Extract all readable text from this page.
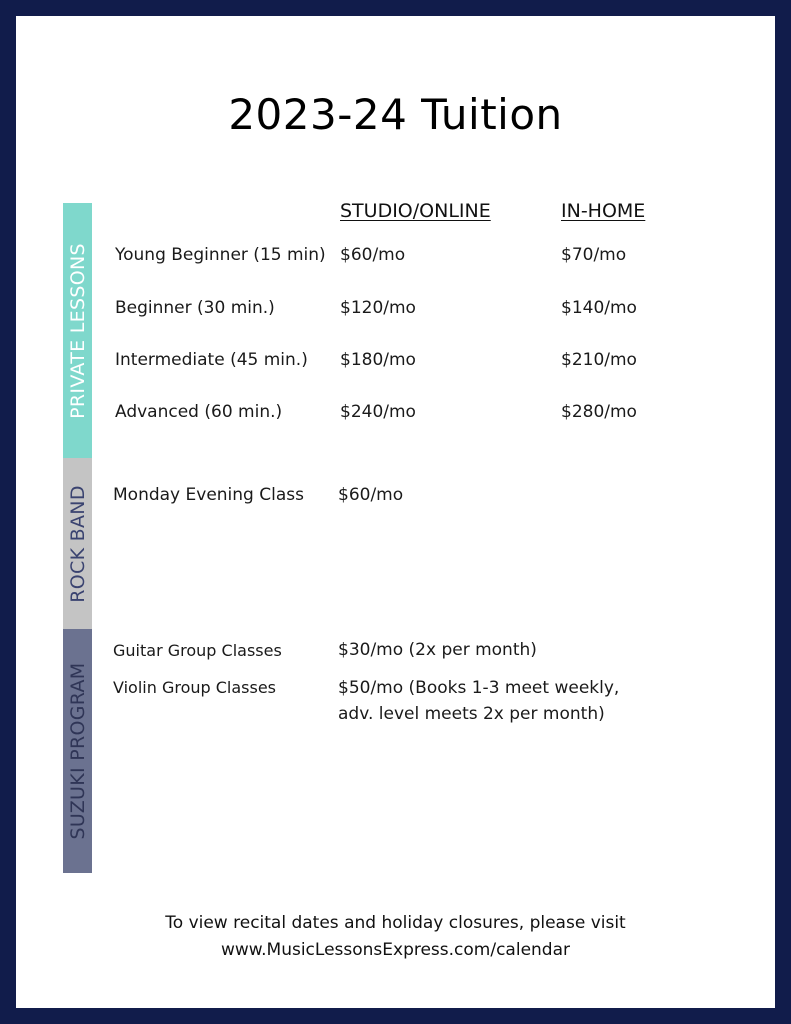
2023-24 Tuition
STUDIO/ONLINE	IN-HOME
PRIVATE LESSONS
ROCK BAND
SUZUKI PROGRAM
Young Beginner (15 min) $60/mo	$70/mo
Beginner (30 min.)	$120/mo	$140/mo
Intermediate (45 min.) $180/mo	$210/mo
Advanced (60 min.)	$240/mo	$280/mo
Monday Evening Class $60/mo
Guitar Group Classes	$30/mo (2x per month)
Violin Group Classes	$50/mo (Books 1-3 meet weekly, adv. level meets 2x per month)
To view recital dates and holiday closures, please visit
www.MusicLessonsExpress.com/calendar
